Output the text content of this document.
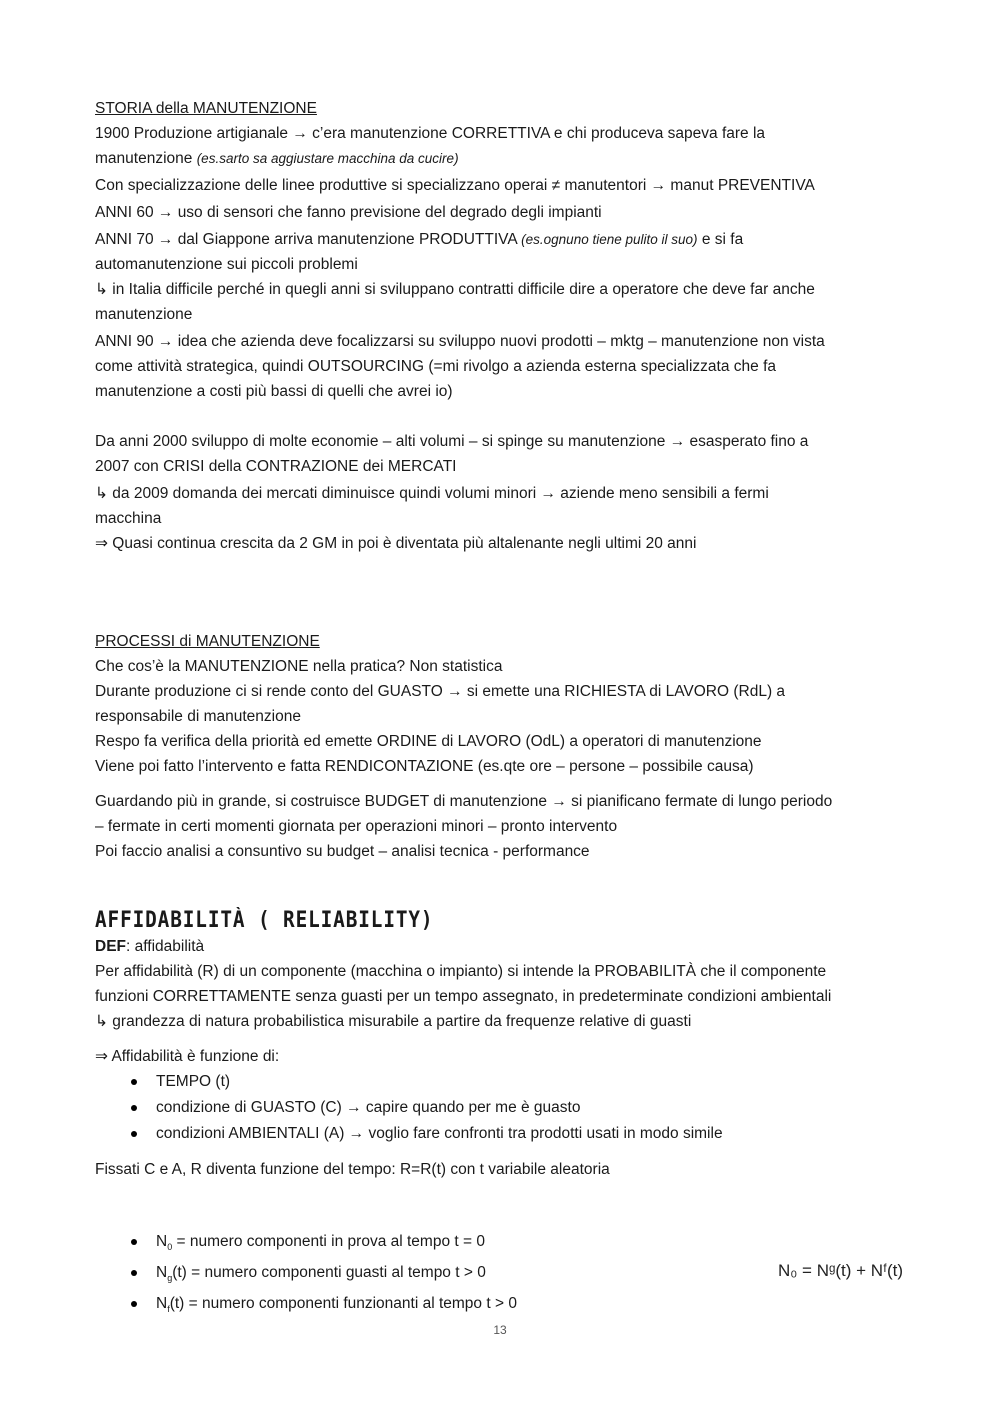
STORIA della MANUTENZIONE

1900 Produzione artigianale → c’era manutenzione CORRETTIVA e chi produceva sapeva fare la

manutenzione (es.sarto sa aggiustare macchina da cucire)

Con specializzazione delle linee produttive si specializzano operai ≠ manutentori → manut PREVENTIVA

ANNI 60 → uso di sensori che fanno previsione del degrado degli impianti

ANNI 70 → dal Giappone arriva manutenzione PRODUTTIVA (es.ognuno tiene pulito il suo) e si fa

automanutenzione sui piccoli problemi

↳ in Italia difficile perché in quegli anni si sviluppano contratti difficile dire a operatore che deve far anche

manutenzione

ANNI 90 → idea che azienda deve focalizzarsi su sviluppo nuovi prodotti – mktg – manutenzione non vista

come attività strategica, quindi OUTSOURCING (=mi rivolgo a azienda esterna specializzata che fa

manutenzione a costi più bassi di quelli che avrei io)

Da anni 2000 sviluppo di molte economie – alti volumi – si spinge su manutenzione → esasperato fino a

2007 con CRISI della CONTRAZIONE dei MERCATI

↳ da 2009 domanda dei mercati diminuisce quindi volumi minori → aziende meno sensibili a fermi

macchina

⇒ Quasi continua crescita da 2 GM in poi è diventata più altalenante negli ultimi 20 anni

PROCESSI di MANUTENZIONE

Che cos’è la MANUTENZIONE nella pratica? Non statistica

Durante produzione ci si rende conto del GUASTO → si emette una RICHIESTA di LAVORO (RdL) a

responsabile di manutenzione

Respo fa verifica della priorità ed emette ORDINE di LAVORO (OdL) a operatori di manutenzione

Viene poi fatto l’intervento e fatta RENDICONTAZIONE (es.qte ore – persone – possibile causa)

Guardando più in grande, si costruisce BUDGET di manutenzione → si pianificano fermate di lungo periodo

– fermate in certi momenti giornata per operazioni minori – pronto intervento

Poi faccio analisi a consuntivo su budget – analisi tecnica - performance

AFFIDABILITÀ ( RELIABILITY)

DEF: affidabilità

Per affidabilità (R) di un componente (macchina o impianto) si intende la PROBABILITÀ che il componente

funzioni CORRETTAMENTE senza guasti per un tempo assegnato, in predeterminate condizioni ambientali

↳ grandezza di natura probabilistica misurabile a partire da frequenze relative di guasti

⇒ Affidabilità è funzione di:

TEMPO (t)
condizione di GUASTO (C) → capire quando per me è guasto
condizioni AMBIENTALI (A) → voglio fare confronti tra prodotti usati in modo simile

Fissati C e A, R diventa funzione del tempo: R=R(t) con t variabile aleatoria

$N_0$ = numero componenti in prova al tempo t = 0
$N_g(t)$ = numero componenti guasti al tempo t > 0
$N_f(t)$ = numero componenti funzionanti al tempo t > 0
N₀ = Nᵍ(t) + Nᶠ(t)
13
